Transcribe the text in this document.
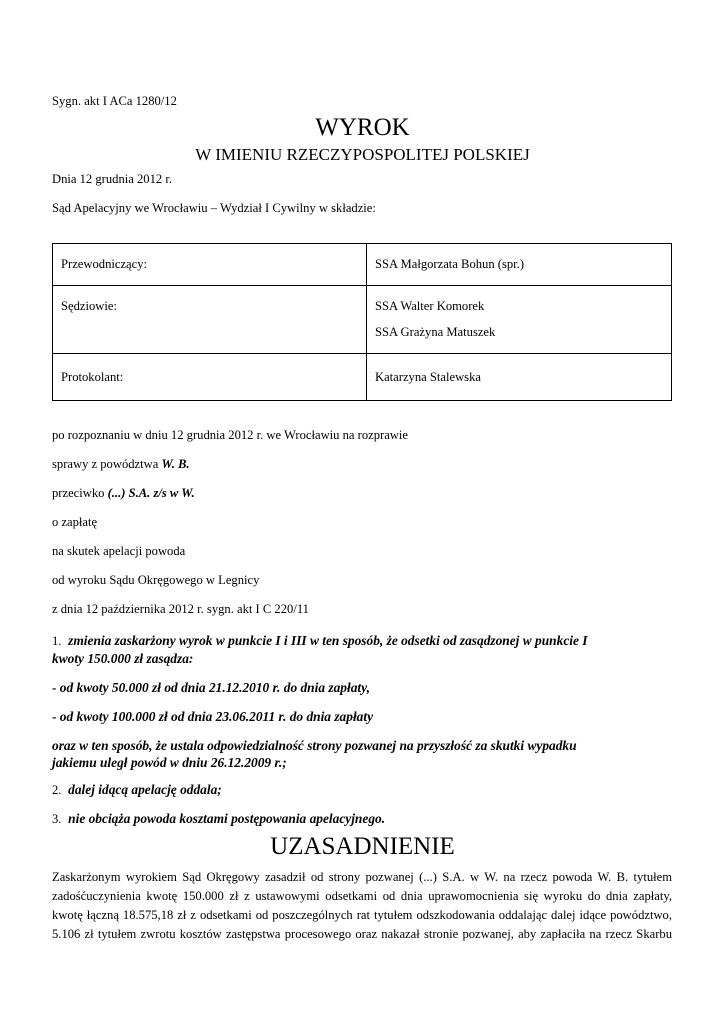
Sygn. akt I ACa 1280/12
WYROK
W IMIENIU RZECZYPOSPOLITEJ POLSKIEJ
Dnia 12 grudnia 2012 r.
Sąd Apelacyjny we Wrocławiu – Wydział I Cywilny w składzie:
Przewodniczący:	SSA Małgorzata Bohun (spr.)

Sędziowie:	SSA Walter Komorek
SSA Grażyna Matuszek

Protokolant:	Katarzyna Stalewska
po rozpoznaniu w dniu 12 grudnia 2012 r. we Wrocławiu na rozprawie
sprawy z powództwa W. B.
przeciwko (...) S.A. z/s w W.
o zapłatę
na skutek apelacji powoda
od wyroku Sądu Okręgowego w Legnicy
z dnia 12 października 2012 r. sygn. akt I C 220/11
1. zmienia zaskarżony wyrok w punkcie I i III w ten sposób, że odsetki od zasądzonej w punkcie I
kwoty 150.000 zł zasądza:
- od kwoty 50.000 zł od dnia 21.12.2010 r. do dnia zapłaty,
- od kwoty 100.000 zł od dnia 23.06.2011 r. do dnia zapłaty
oraz w ten sposób, że ustala odpowiedzialność strony pozwanej na przyszłość za skutki wypadku
jakiemu uległ powód w dniu 26.12.2009 r.;
2. dalej idącą apelację oddala;
3. nie obciąża powoda kosztami postępowania apelacyjnego.
UZASADNIENIE
Zaskarżonym wyrokiem Sąd Okręgowy zasadził od strony pozwanej (...) S.A. w W. na rzecz powoda W. B. tytułem
zadośćuczynienia kwotę 150.000 zł z ustawowymi odsetkami od dnia uprawomocnienia się wyroku do dnia zapłaty,
kwotę łączną 18.575,18 zł z odsetkami od poszczególnych rat tytułem odszkodowania oddalając dalej idące powództwo,
5.106 zł tytułem zwrotu kosztów zastępstwa procesowego oraz nakazał stronie pozwanej, aby zapłaciła na rzecz Skarbu
